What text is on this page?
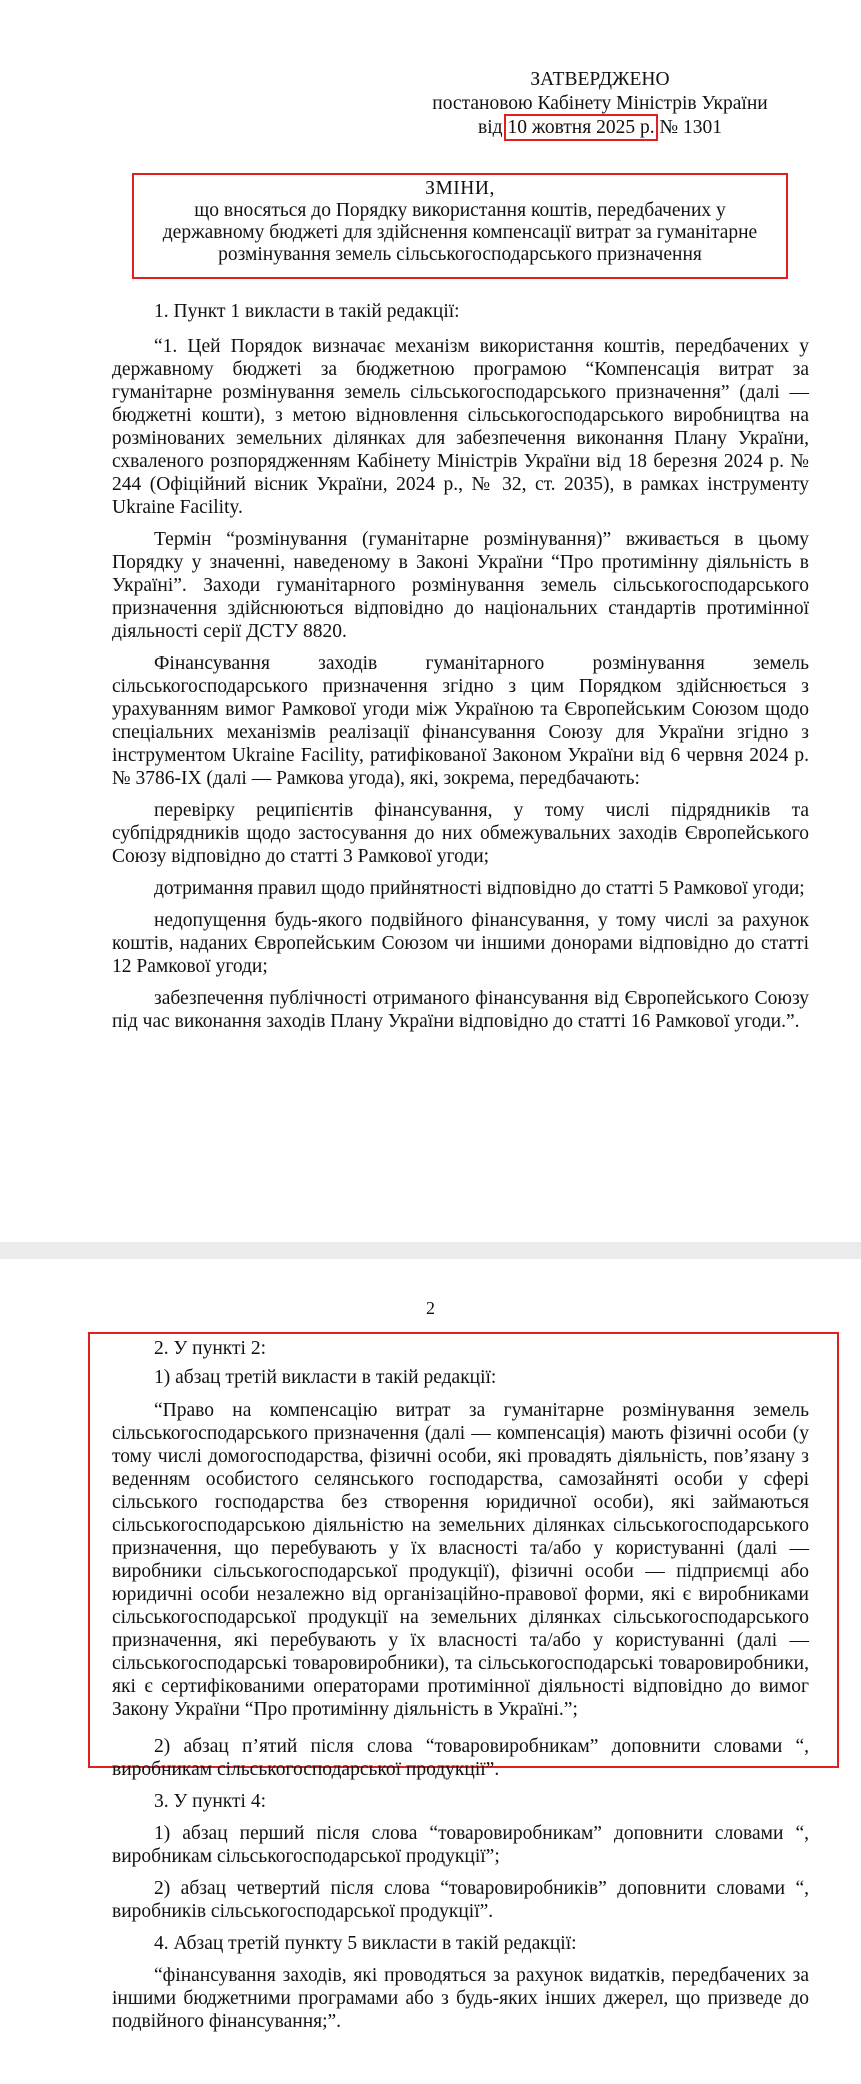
ЗАТВЕРДЖЕНО
постановою Кабінету Міністрів України
від 10 жовтня 2025 р. № 1301
ЗМІНИ,
що вносяться до Порядку використання коштів, передбачених у
державному бюджеті для здійснення компенсації витрат за гуманітарне
розмінування земель сільськогосподарського призначення

1. Пункт 1 викласти в такій редакції:

“1. Цей Порядок визначає механізм використання коштів, передбачених у державному бюджеті за бюджетною програмою “Компенсація витрат за гуманітарне розмінування земель сільськогосподарського призначення” (далі — бюджетні кошти), з метою відновлення сільськогосподарського виробництва на розмінованих земельних ділянках для забезпечення виконання Плану України, схваленого розпорядженням Кабінету Міністрів України від 18 березня 2024 р. № 244 (Офіційний вісник України, 2024 р., № 32, ст. 2035), в рамках інструменту Ukraine Facility.

Термін “розмінування (гуманітарне розмінування)” вживається в цьому Порядку у значенні, наведеному в Законі України “Про протимінну діяльність в Україні”. Заходи гуманітарного розмінування земель сільськогосподарського призначення здійснюються відповідно до національних стандартів протимінної діяльності серії ДСТУ 8820.

Фінансування заходів гуманітарного розмінування земель сільськогосподарського призначення згідно з цим Порядком здійснюється з урахуванням вимог Рамкової угоди між Україною та Європейським Союзом щодо спеціальних механізмів реалізації фінансування Союзу для України згідно з інструментом Ukraine Facility, ратифікованої Законом України від 6 червня 2024 р. № 3786-IX (далі — Рамкова угода), які, зокрема, передбачають:

перевірку реципієнтів фінансування, у тому числі підрядників та субпідрядників щодо застосування до них обмежувальних заходів Європейського Союзу відповідно до статті 3 Рамкової угоди;

дотримання правил щодо прийнятності відповідно до статті 5 Рамкової угоди;

недопущення будь-якого подвійного фінансування, у тому числі за рахунок коштів, наданих Європейським Союзом чи іншими донорами відповідно до статті 12 Рамкової угоди;

забезпечення публічності отриманого фінансування від Європейського Союзу під час виконання заходів Плану України відповідно до статті 16 Рамкової угоди.”.

2

2. У пункті 2:

1) абзац третій викласти в такій редакції:

“Право на компенсацію витрат за гуманітарне розмінування земель сільськогосподарського призначення (далі — компенсація) мають фізичні особи (у тому числі домогосподарства, фізичні особи, які провадять діяльність, пов’язану з веденням особистого селянського господарства, самозайняті особи у сфері сільського господарства без створення юридичної особи), які займаються сільськогосподарською діяльністю на земельних ділянках сільськогосподарського призначення, що перебувають у їх власності та/або у користуванні (далі — виробники сільськогосподарської продукції), фізичні особи — підприємці або юридичні особи незалежно від організаційно-правової форми, які є виробниками сільськогосподарської продукції на земельних ділянках сільськогосподарського призначення, які перебувають у їх власності та/або у користуванні (далі — сільськогосподарські товаровиробники), та сільськогосподарські товаровиробники, які є сертифікованими операторами протимінної діяльності відповідно до вимог Закону України “Про протимінну діяльність в Україні.”;

2) абзац п’ятий після слова “товаровиробникам” доповнити словами “, виробникам сільськогосподарської продукції”.

3. У пункті 4:

1) абзац перший після слова “товаровиробникам” доповнити словами “, виробникам сільськогосподарської продукції”;

2) абзац четвертий після слова “товаровиробників” доповнити словами “, виробників сільськогосподарської продукції”.

4. Абзац третій пункту 5 викласти в такій редакції:

“фінансування заходів, які проводяться за рахунок видатків, передбачених за іншими бюджетними програмами або з будь-яких інших джерел, що призведе до подвійного фінансування;”.
